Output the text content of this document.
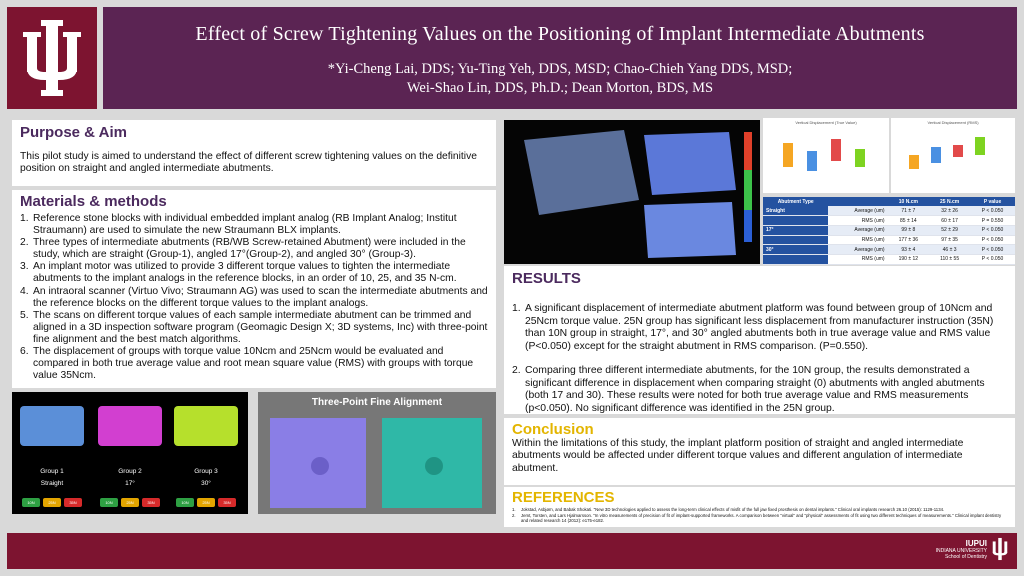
Effect of Screw Tightening Values on the Positioning of Implant Intermediate Abutments
*Yi-Cheng Lai, DDS; Yu-Ting Yeh, DDS, MSD; Chao-Chieh Yang DDS, MSD;
Wei-Shao Lin, DDS, Ph.D.; Dean Morton, BDS, MS
Purpose & Aim
This pilot study is aimed to understand the effect of different screw tightening values on the definitive position on straight and angled intermediate abutments.
Materials & methods
1. Reference stone blocks with individual embedded implant analog (RB Implant Analog; Institut Straumann) are used to simulate the new Straumann BLX implants.
2. Three types of intermediate abutments (RB/WB Screw-retained Abutment) were included in the study, which are straight (Group-1), angled 17°(Group-2), and angled 30° (Group-3).
3. An implant motor was utilized to provide 3 different torque values to tighten the intermediate abutments to the implant analogs in the reference blocks, in an order of 10, 25, and 35 N-cm.
4. An intraoral scanner (Virtuo Vivo; Straumann AG) was used to scan the intermediate abutments and the reference blocks on the different torque values to the implant analogs.
5. The scans on different torque values of each sample intermediate abutment can be trimmed and aligned in a 3D inspection software program (Geomagic Design X; 3D systems, Inc) with three-point fine alignment and the best match algorithms.
6. The displacement of groups with torque value 10Ncm and 25Ncm would be evaluated and compared in both true average value and root mean square value (RMS) with groups with torque value 35Ncm.
Group 1
Straight
Group 2
17°
Group 3
30°
10N	25N	35N	10N	25N	35N	10N	25N	35N
Three-Point Fine Alignment
Vertical Displacement (True Value)	Vertical Displacement (RMS)
Abutment Type		10 N.cm	25 N.cm	P value
Straight	Average (um)	71 ± 7	32 ± 26	P < 0.050
	RMS (um)	85 ± 14	60 ± 17	P = 0.550
17°	Average (um)	99 ± 8	52 ± 29	P < 0.050
	RMS (um)	177 ± 36	97 ± 35	P < 0.050
30°	Average (um)	93 ± 4	46 ± 3	P < 0.050
	RMS (um)	190 ± 12	110 ± 55	P < 0.050
RESULTS
1. A significant displacement of intermediate abutment platform was found between group of 10Ncm and 25Ncm torque value. 25N group has significant less displacement from manufacturer instruction (35N) than 10N group in straight, 17°, and 30° angled abutments both in true average value and RMS value (P<0.050) except for the straight abutment in RMS comparison. (P=0.550).
2. Comparing three different intermediate abutments, for the 10N group, the results demonstrated a significant difference in displacement when comparing straight (0) abutments with angled abutments (both 17 and 30). These results were noted for both true average value and RMS measurements (p<0.050). No significant difference was identified in the 25N group.
Conclusion
Within the limitations of this study, the implant platform position of straight and angled intermediate abutments would be affected under different torque values and different angulation of intermediate abutment.
REFERENCES
1.	Jokstad, Asbjørn, and Babak Shokati. "New 3D technologies applied to assess the long-term clinical effects of misfit of the full jaw fixed prosthesis on dental implants." Clinical oral implants research 26.10 (2015): 1129-1134.
2.	Jemt, Torsten, and Lars Hjalmarsson. "In vitro measurements of precision of fit of implant-supported frameworks. A comparison between "virtual" and "physical" assessments of fit using two different techniques of measurements." Clinical implant dentistry and related research 14 (2012): e175-e182.
IUPUI
INDIANA UNIVERSITY
School of Dentistry
